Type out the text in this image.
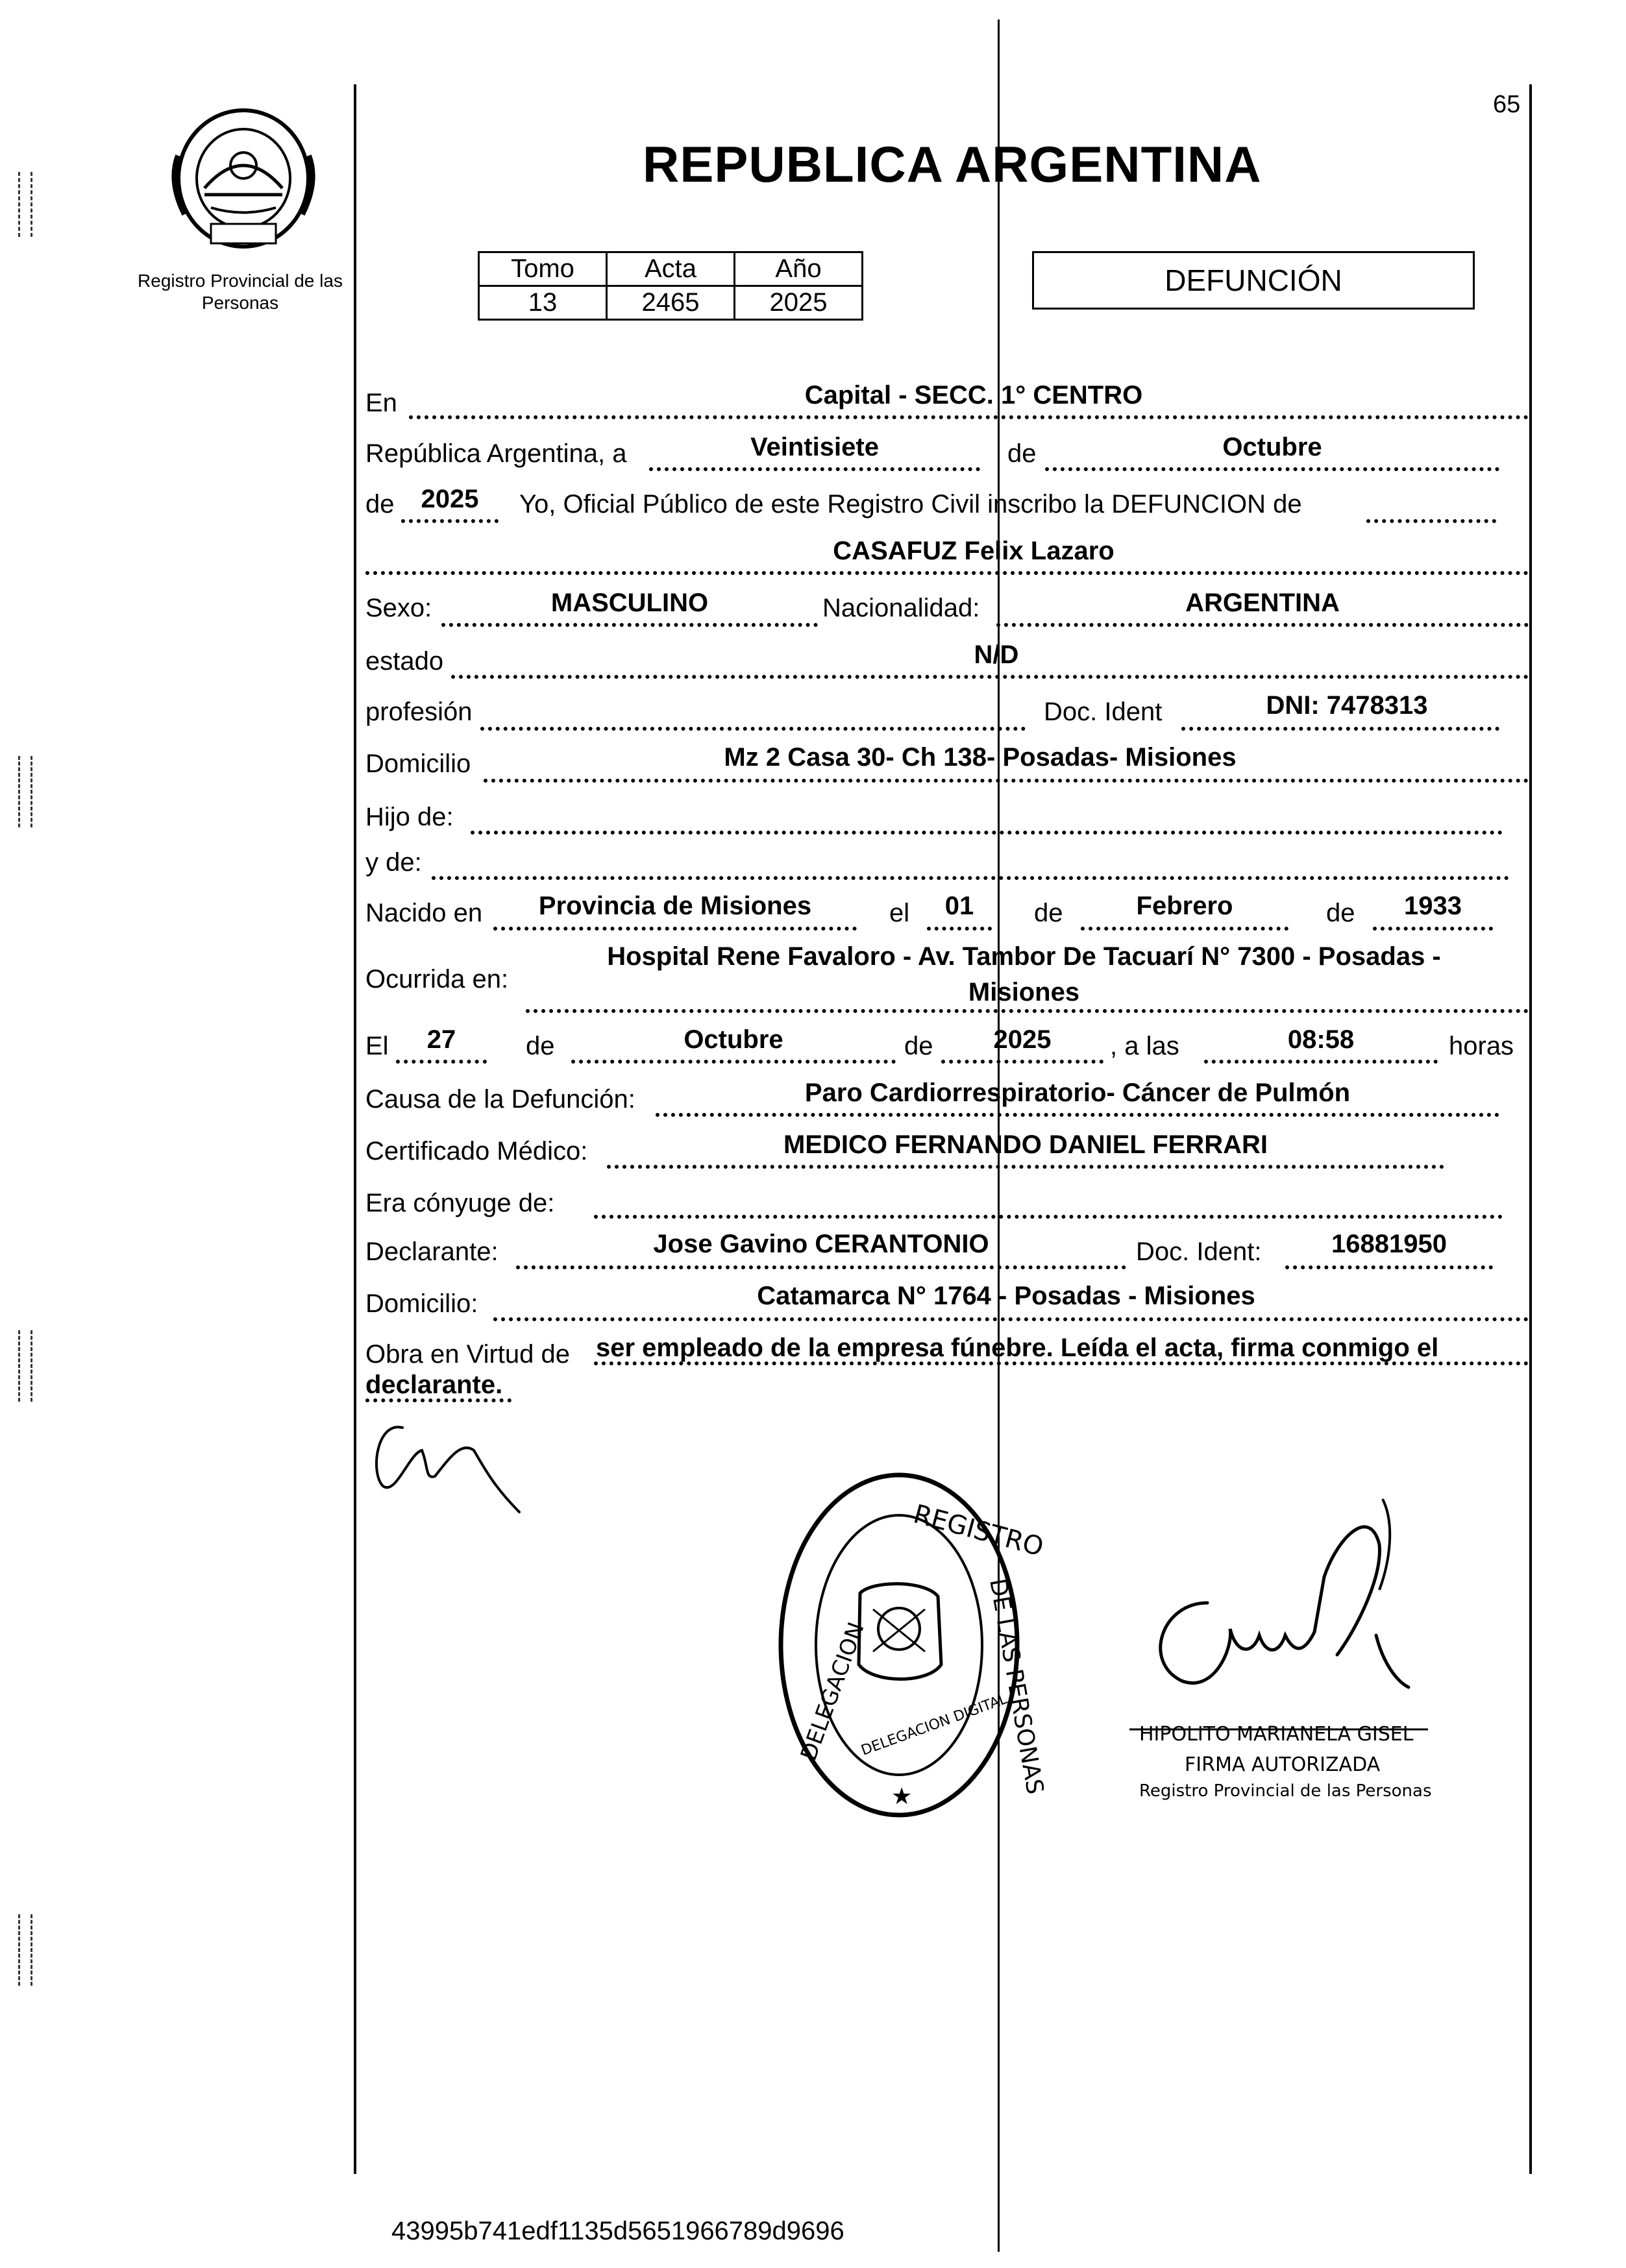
Registro Provincial de las Personas
65
REPUBLICA ARGENTINA
Tomo	Acta	Año
13	2465	2025
DEFUNCIÓN
En	Capital - SECC. 1° CENTRO
República Argentina, a	Veintisiete	de	Octubre
de	2025	Yo, Oficial Público de este Registro Civil inscribo la DEFUNCION de
CASAFUZ Felix Lazaro
Sexo:	MASCULINO	Nacionalidad:	ARGENTINA
estado	N/D
profesión	Doc. Ident	DNI: 7478313
Domicilio	Mz 2 Casa 30- Ch 138- Posadas- Misiones
Hijo de:
y de:
Nacido en	Provincia de Misiones	el	01	de	Febrero	de	1933
Ocurrida en:
Hospital Rene Favaloro - Av. Tambor De Tacuarí N° 7300 - Posadas -
Misiones
El	27	de	Octubre	de	2025	, a las	08:58	horas
Causa de la Defunción:	Paro Cardiorrespiratorio- Cáncer de Pulmón
Certificado Médico:	MEDICO FERNANDO DANIEL FERRARI
Era cónyuge de:
Declarante:	Jose Gavino CERANTONIO	Doc. Ident:	16881950
Domicilio:	Catamarca N° 1764 - Posadas - Misiones
Obra en Virtud de ser empleado de la empresa fúnebre. Leída el acta, firma conmigo el
declarante.
REGISTRO
DELEGACION	DE LAS PERSONAS
DELEGACION DIGITAL
★
HIPOLITO MARIANELA GISEL
FIRMA AUTORIZADA
Registro Provincial de las Personas
43995b741edf1135d5651966789d9696
